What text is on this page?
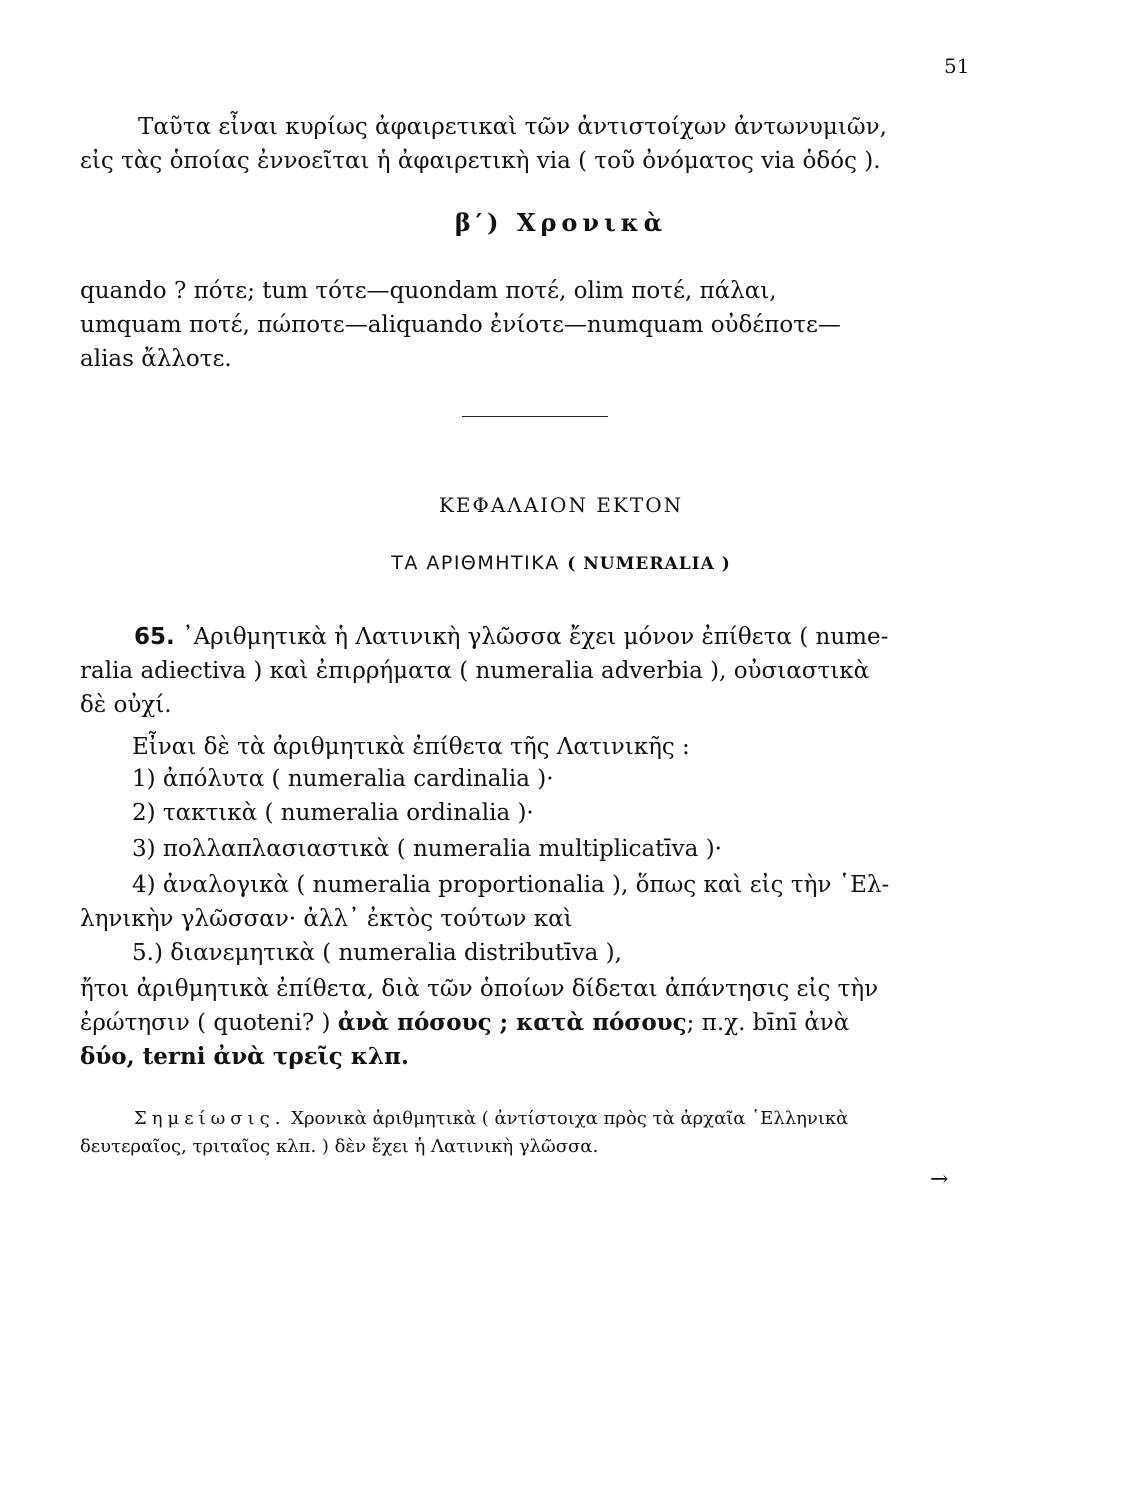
51
Ταῦτα εἶναι κυρίως ἀφαιρετικαὶ τῶν ἀντιστοίχων ἀντωνυμιῶν,
εἰς τὰς ὁποίας ἐννοεῖται ἡ ἀφαιρετικὴ via ( τοῦ ὀνόματος via ὁδός ).
β′) Χρονικὰ
quando ? πότε; tum τότε—quondam ποτέ, olim ποτέ, πάλαι,
umquam ποτέ, πώποτε—aliquando ἐνίοτε—numquam οὐδέποτε—
alias ἄλλοτε.
ΚΕΦΑΛΑΙΟΝ ΕΚΤΟΝ
ΤΑ ΑΡΙΘΜΗΤΙΚΑ ( NUMERALIA )
65. ᾿Αριθμητικὰ ἡ Λατινικὴ γλῶσσα ἔχει μόνον ἐπίθετα ( nume-
ralia adiectiva ) καὶ ἐπιρρήματα ( numeralia adverbia ), οὐσιαστικὰ
δὲ οὐχί.
Εἶναι δὲ τὰ ἀριθμητικὰ ἐπίθετα τῆς Λατινικῆς :
1) ἀπόλυτα ( numeralia cardinalia )·
2) τακτικὰ ( numeralia ordinalia )·
3) πολλαπλασιαστικὰ ( numeralia multiplicatīva )·
4) ἀναλογικὰ ( numeralia proportionalia ), ὅπως καὶ εἰς τὴν ῾Ελ-
ληνικὴν γλῶσσαν· ἀλλ᾿ ἐκτὸς τούτων καὶ
5.) διανεμητικὰ ( numeralia distributīva ),
ἤτοι ἀριθμητικὰ ἐπίθετα, διὰ τῶν ὁποίων δίδεται ἀπάντησις εἰς τὴν
ἐρώτησιν ( quoteni? ) ἀνὰ πόσους ; κατὰ πόσους; π.χ. bīnī ἀνὰ
δύο, terni ἀνὰ τρεῖς κλπ.
Σημείωσις. Χρονικὰ ἀριθμητικὰ ( ἀντίστοιχα πρὸς τὰ ἀρχαῖα ῾Ελληνικὰ
δευτεραῖος, τριταῖος κλπ. ) δὲν ἔχει ἡ Λατινικὴ γλῶσσα.
→
